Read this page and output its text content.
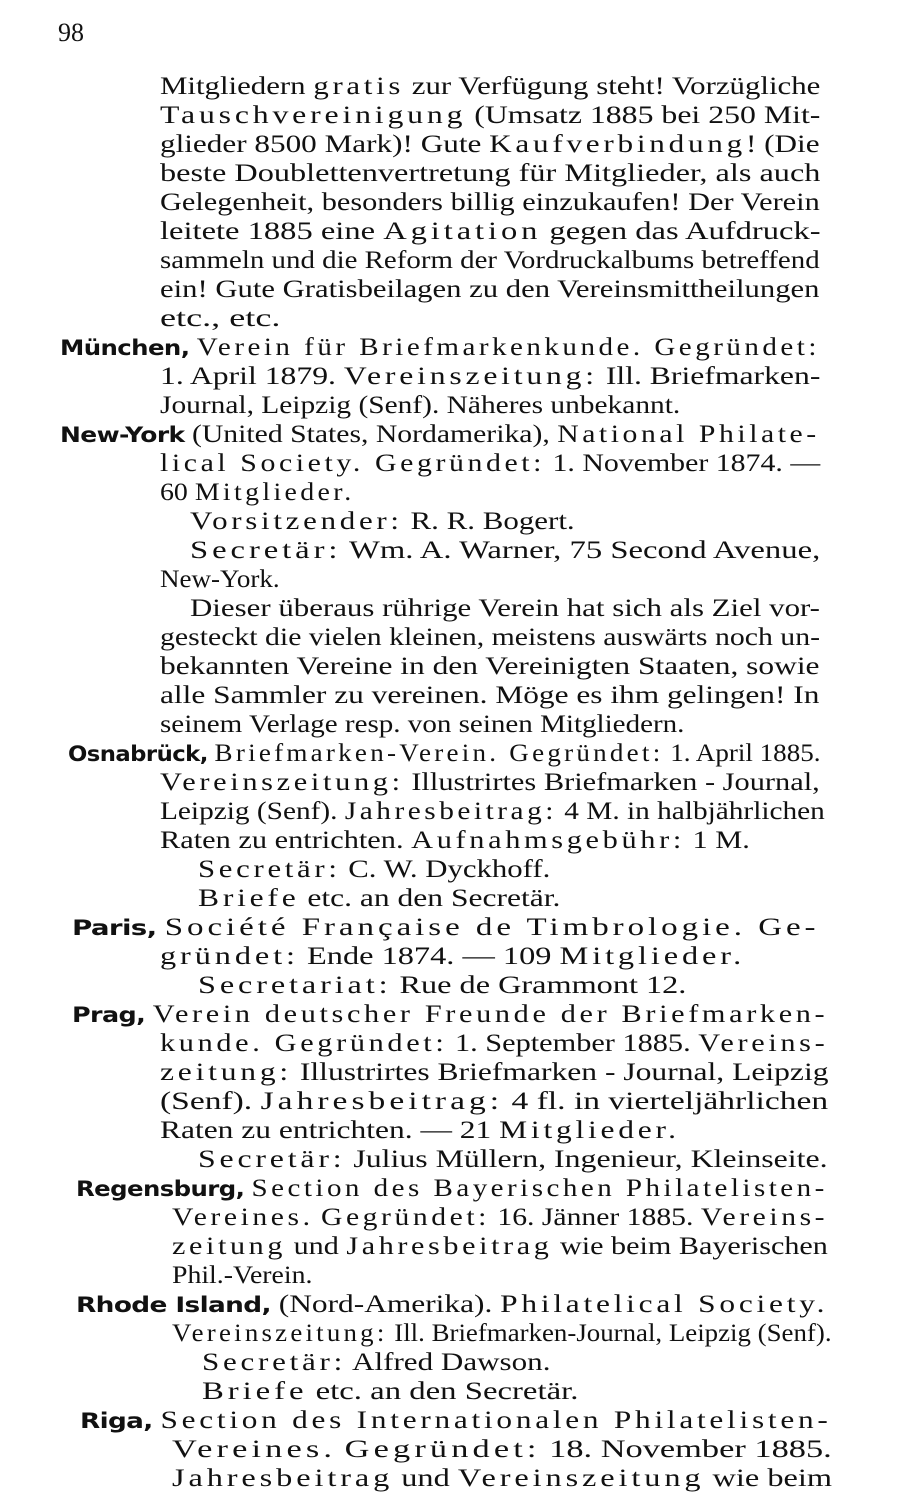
98
Mitgliedern gratis zur Verfügung steht! Vorzügliche
Tauschvereinigung (Umsatz 1885 bei 250 Mit-
glieder 8500 Mark)! Gute Kaufverbindung! (Die
beste Doublettenvertretung für Mitglieder, als auch
Gelegenheit, besonders billig einzukaufen! Der Verein
leitete 1885 eine Agitation gegen das Aufdruck-
sammeln und die Reform der Vordruckalbums betreffend
ein! Gute Gratisbeilagen zu den Vereinsmittheilungen
etc., etc.
München, Verein für Briefmarkenkunde. Gegründet:
1. April 1879. Vereinszeitung: Ill. Briefmarken-
Journal, Leipzig (Senf). Näheres unbekannt.
New-York (United States, Nordamerika), National Philate-
lical Society. Gegründet: 1. November 1874. —
60 Mitglieder.
Vorsitzender: R. R. Bogert.
Secretär: Wm. A. Warner, 75 Second Avenue,
New-York.
Dieser überaus rührige Verein hat sich als Ziel vor-
gesteckt die vielen kleinen, meistens auswärts noch un-
bekannten Vereine in den Vereinigten Staaten, sowie
alle Sammler zu vereinen. Möge es ihm gelingen! In
seinem Verlage resp. von seinen Mitgliedern.
Osnabrück, Briefmarken-Verein. Gegründet: 1. April 1885.
Vereinszeitung: Illustrirtes Briefmarken - Journal,
Leipzig (Senf). Jahresbeitrag: 4 M. in halbjährlichen
Raten zu entrichten. Aufnahmsgebühr: 1 M.
Secretär: C. W. Dyckhoff.
Briefe etc. an den Secretär.
Paris, Société Française de Timbrologie. Ge-
gründet: Ende 1874. — 109 Mitglieder.
Secretariat: Rue de Grammont 12.
Prag, Verein deutscher Freunde der Briefmarken-
kunde. Gegründet: 1. September 1885. Vereins-
zeitung: Illustrirtes Briefmarken - Journal, Leipzig
(Senf). Jahresbeitrag: 4 fl. in vierteljährlichen
Raten zu entrichten. — 21 Mitglieder.
Secretär: Julius Müllern, Ingenieur, Kleinseite.
Regensburg, Section des Bayerischen Philatelisten-
Vereines. Gegründet: 16. Jänner 1885. Vereins-
zeitung und Jahresbeitrag wie beim Bayerischen
Phil.-Verein.
Rhode Island, (Nord-Amerika). Philatelical Society.
Vereinszeitung: Ill. Briefmarken-Journal, Leipzig (Senf).
Secretär: Alfred Dawson.
Briefe etc. an den Secretär.
Riga, Section des Internationalen Philatelisten-
Vereines. Gegründet: 18. November 1885.
Jahresbeitrag und Vereinszeitung wie beim
